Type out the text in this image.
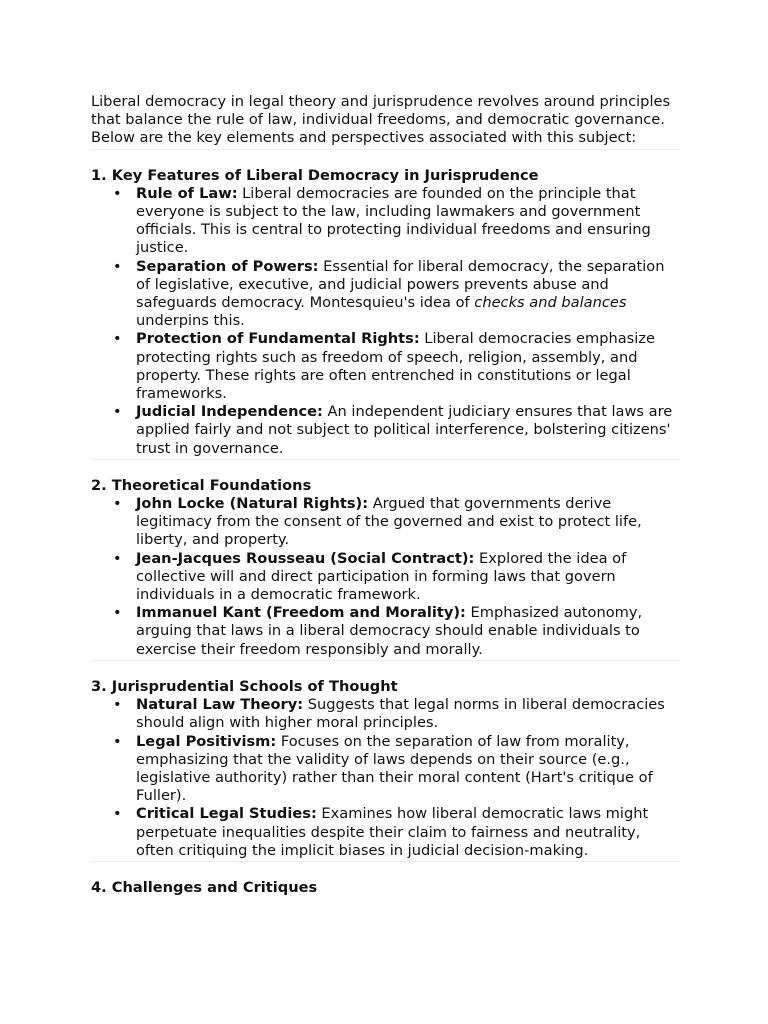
Liberal democracy in legal theory and jurisprudence revolves around principles that balance the rule of law, individual freedoms, and democratic governance. Below are the key elements and perspectives associated with this subject:

1. Key Features of Liberal Democracy in Jurisprudence
• Rule of Law: Liberal democracies are founded on the principle that everyone is subject to the law, including lawmakers and government officials. This is central to protecting individual freedoms and ensuring justice.
• Separation of Powers: Essential for liberal democracy, the separation of legislative, executive, and judicial powers prevents abuse and safeguards democracy. Montesquieu's idea of checks and balances underpins this.
• Protection of Fundamental Rights: Liberal democracies emphasize protecting rights such as freedom of speech, religion, assembly, and property. These rights are often entrenched in constitutions or legal frameworks.
• Judicial Independence: An independent judiciary ensures that laws are applied fairly and not subject to political interference, bolstering citizens' trust in governance.
2. Theoretical Foundations
• John Locke (Natural Rights): Argued that governments derive legitimacy from the consent of the governed and exist to protect life, liberty, and property.
• Jean-Jacques Rousseau (Social Contract): Explored the idea of collective will and direct participation in forming laws that govern individuals in a democratic framework.
• Immanuel Kant (Freedom and Morality): Emphasized autonomy, arguing that laws in a liberal democracy should enable individuals to exercise their freedom responsibly and morally.
3. Jurisprudential Schools of Thought
• Natural Law Theory: Suggests that legal norms in liberal democracies should align with higher moral principles.
• Legal Positivism: Focuses on the separation of law from morality, emphasizing that the validity of laws depends on their source (e.g., legislative authority) rather than their moral content (Hart's critique of Fuller).
• Critical Legal Studies: Examines how liberal democratic laws might perpetuate inequalities despite their claim to fairness and neutrality, often critiquing the implicit biases in judicial decision-making.
4. Challenges and Critiques
